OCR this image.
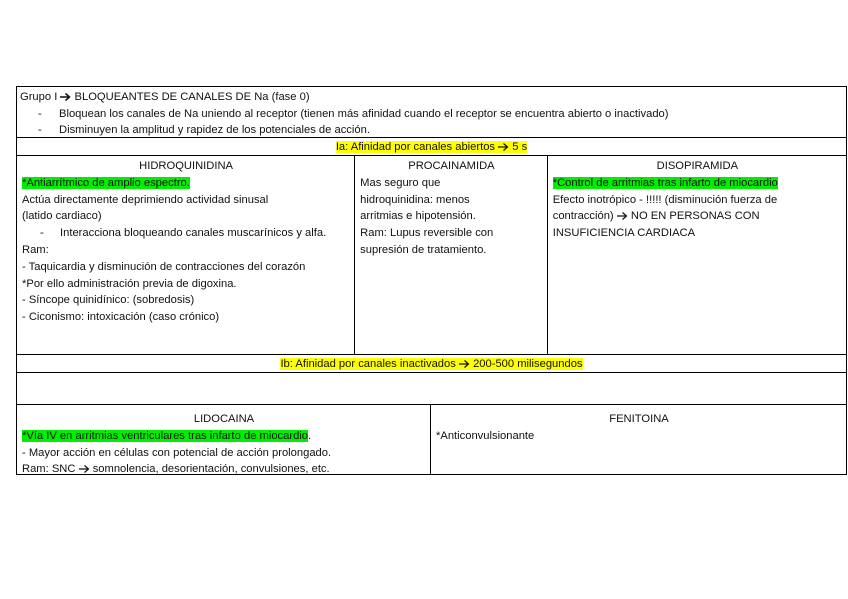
Grupo I BLOQUEANTES DE CANALES DE Na (fase 0)
- Bloquean los canales de Na uniendo al receptor (tienen más afinidad cuando el receptor se encuentra abierto o inactivado)
- Disminuyen la amplitud y rapidez de los potenciales de acción.
Ia: Afinidad por canales abiertos 5 s
HIDROQUINIDINA
*Antiarrítmico de amplio espectro.
Actúa directamente deprimiendo actividad sinusal
(latido cardiaco)
-	Interacciona bloqueando canales muscarínicos y alfa.
Ram:
- Taquicardia y disminución de contracciones del corazón
*Por ello administración previa de digoxina.
- Síncope quinidínico: (sobredosis)
- Ciconismo: intoxicación (caso crónico)
PROCAINAMIDA
Mas seguro que
hidroquinidina: menos
arritmias e hipotensión.
Ram: Lupus reversible con
supresión de tratamiento.
DISOPIRAMIDA
*Control de arritmias tras infarto de miocardio
Efecto inotrópico - !!!!! (disminución fuerza de
contracción) NO EN PERSONAS CON
INSUFICIENCIA CARDIACA
Ib: Afinidad por canales inactivados 200-500 milisegundos
LIDOCAINA
*Vía IV en arritmias ventriculares tras infarto de miocardio.
- Mayor acción en células con potencial de acción prolongado.
Ram: SNC somnolencia, desorientación, convulsiones, etc.
FENITOINA
*Anticonvulsionante
